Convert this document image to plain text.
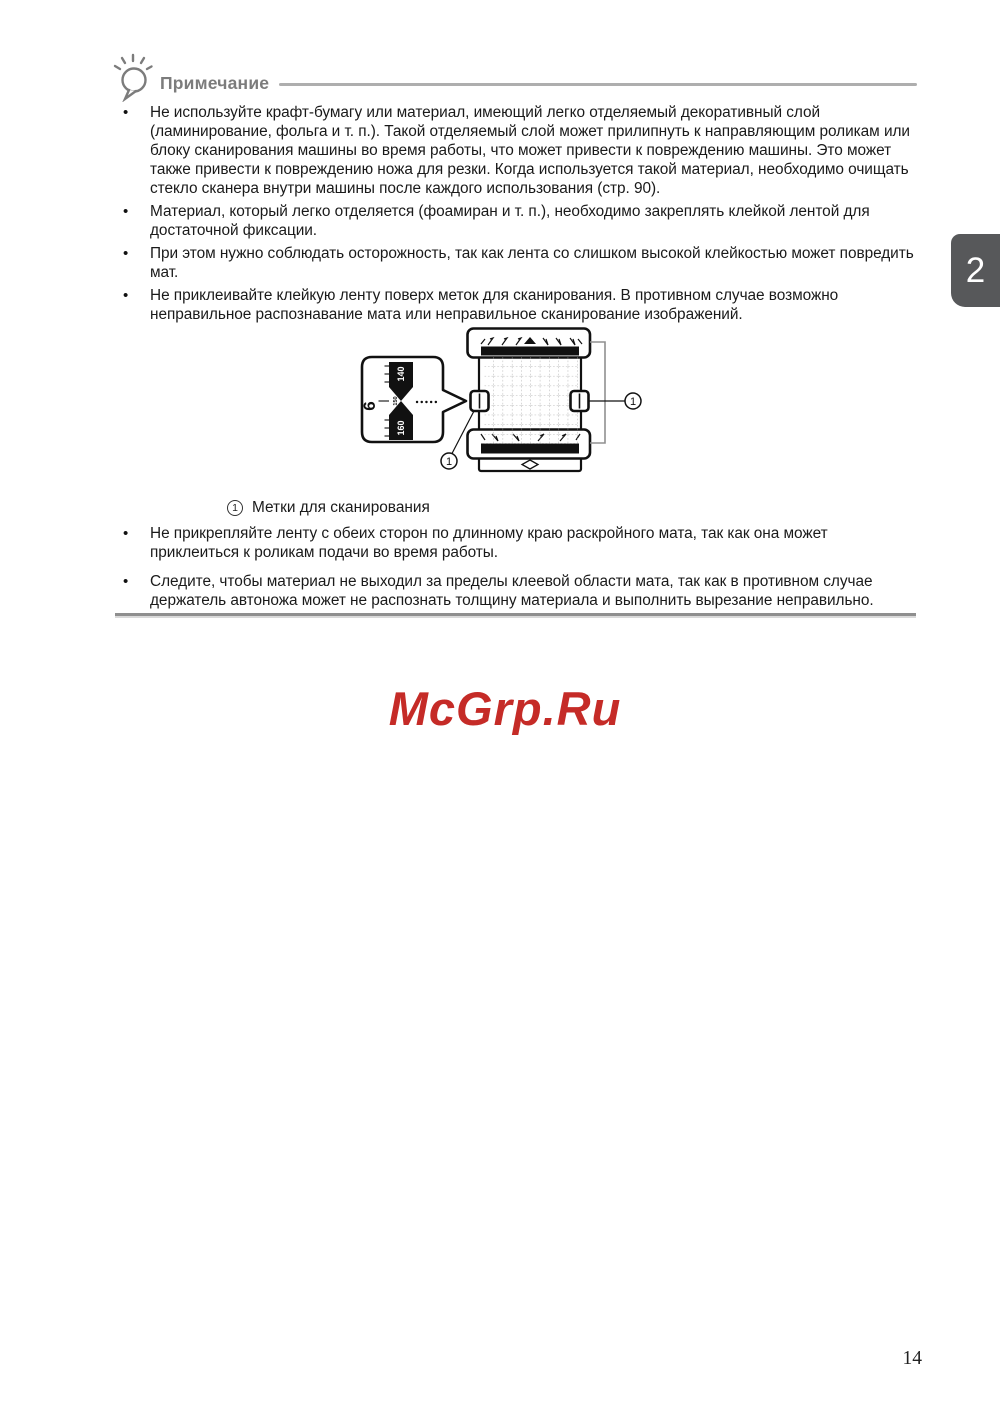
Примечание
•	Не используйте крафт-бумагу или материал, имеющий легко отделяемый декоративный слой (ламинирование, фольга и т. п.). Такой отделяемый слой может прилипнуть к направляющим роликам или блоку сканирования машины во время работы, что может привести к повреждению машины. Это может также привести к повреждению ножа для резки. Когда используется такой материал, необходимо очищать стекло сканера внутри машины после каждого использования (стр. 90).
•	Материал, который легко отделяется (фоамиран и т. п.), необходимо закреплять клейкой лентой для достаточной фиксации.
•	При этом нужно соблюдать осторожность, так как лента со слишком высокой клейкостью может повредить мат.
•	Не приклеивайте клейкую ленту поверх меток для сканирования. В противном случае возможно неправильное распознавание мата или неправильное сканирование изображений.
1
1
140
150
160
6
1 Метки для сканирования
•	Не прикрепляйте ленту с обеих сторон по длинному краю раскройного мата, так как она может приклеиться к роликам подачи во время работы.
•	Следите, чтобы материал не выходил за пределы клеевой области мата, так как в противном случае держатель автоножа может не распознать толщину материала и выполнить вырезание неправильно.
McGrp.Ru
2
14
